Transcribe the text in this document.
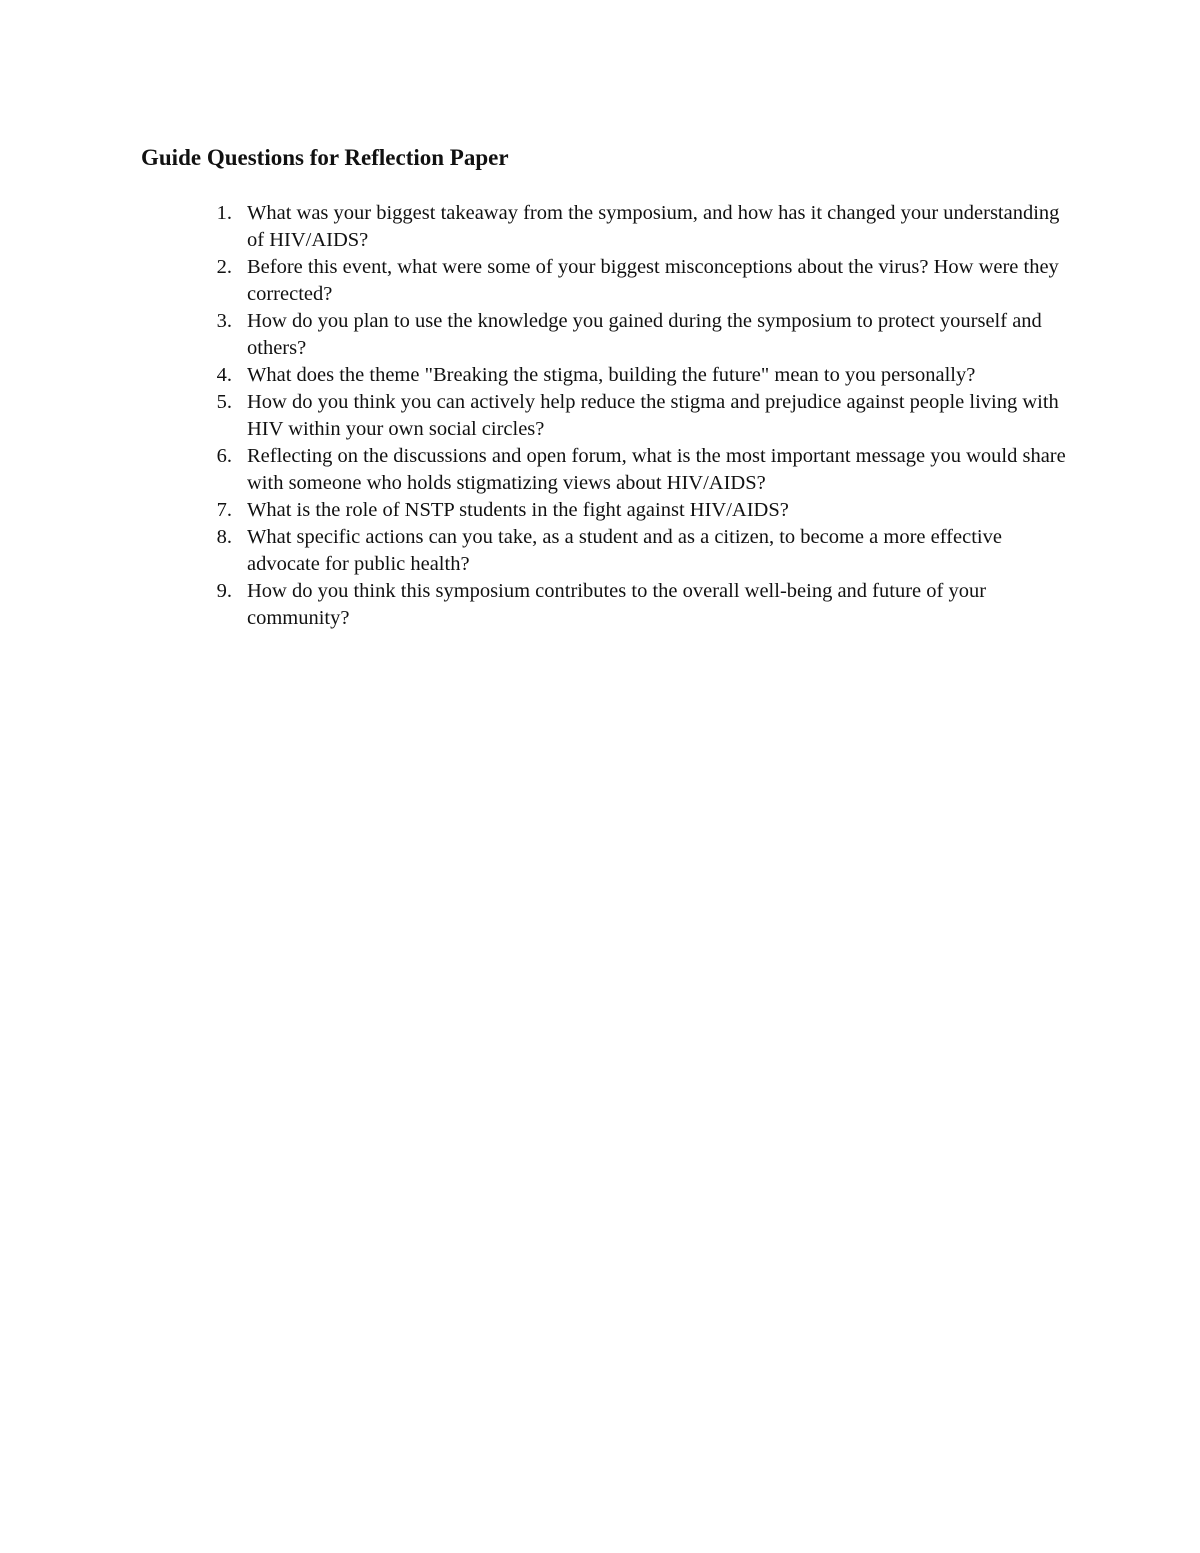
Guide Questions for Reflection Paper
1. What was your biggest takeaway from the symposium, and how has it changed your understanding of HIV/AIDS?
2. Before this event, what were some of your biggest misconceptions about the virus? How were they corrected?
3. How do you plan to use the knowledge you gained during the symposium to protect yourself and others?
4. What does the theme "Breaking the stigma, building the future" mean to you personally?
5. How do you think you can actively help reduce the stigma and prejudice against people living with HIV within your own social circles?
6. Reflecting on the discussions and open forum, what is the most important message you would share with someone who holds stigmatizing views about HIV/AIDS?
7. What is the role of NSTP students in the fight against HIV/AIDS?
8. What specific actions can you take, as a student and as a citizen, to become a more effective advocate for public health?
9. How do you think this symposium contributes to the overall well-being and future of your community?
